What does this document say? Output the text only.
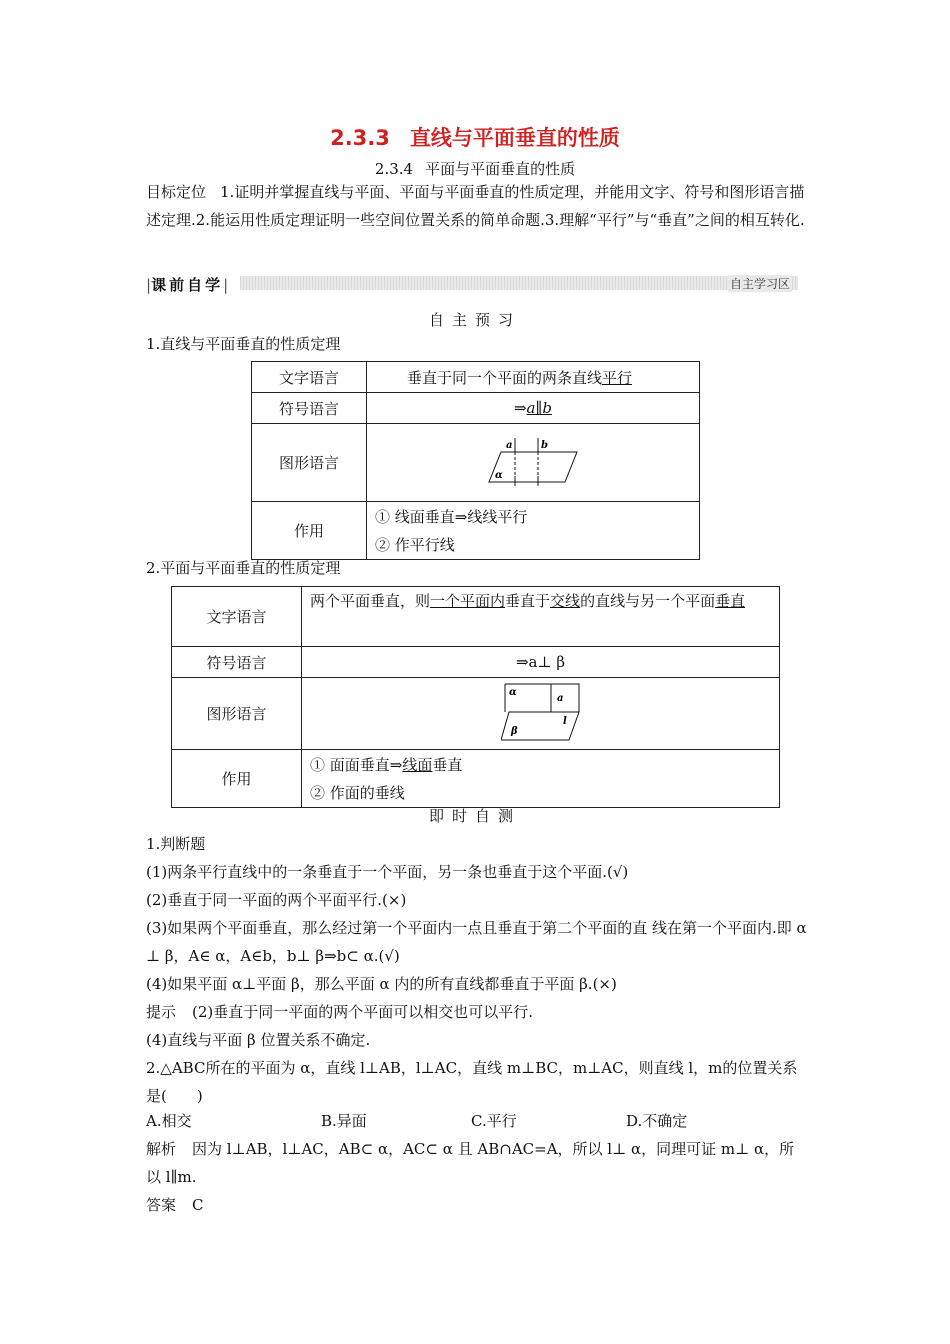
2.3.3 直线与平面垂直的性质
2.3.4 平面与平面垂直的性质
目标定位 1.证明并掌握直线与平面、平面与平面垂直的性质定理，并能用文字、符号和图形语言描述定理.2.能运用性质定理证明一些空间位置关系的简单命题.3.理解“平行”与“垂直”之间的相互转化.
|课前自学|	自主学习区
自主预习
1.直线与平面垂直的性质定理
文字语言	垂直于同一个平面的两条直线平行
符号语言	⇒a∥b
图形语言	a b
α

作用	① 线面垂直⇒线线平行
② 作平行线
2.平面与平面垂直的性质定理
文字语言	两个平面垂直，则一个平面内垂直于交线的直线与另一个平面垂直
符号语言	⇒a⊥ β
图形语言	α
a
l
β

作用	① 面面垂直⇒线面垂直
② 作面的垂线
即时自测
1.判断题
(1)两条平行直线中的一条垂直于一个平面，另一条也垂直于这个平面.(√)
(2)垂直于同一平面的两个平面平行.(×)
(3)如果两个平面垂直，那么经过第一个平面内一点且垂直于第二个平面的直 线在第一个平面内.即 α ⊥ β，A∈ α，A∈b，b⊥ β⇒b⊂ α.(√)
(4)如果平面 α⊥平面 β，那么平面 α 内的所有直线都垂直于平面 β.(×)
提示 (2)垂直于同一平面的两个平面可以相交也可以平行.
(4)直线与平面 β 位置关系不确定.
2.△ABC所在的平面为 α，直线 l⊥AB，l⊥AC，直线 m⊥BC，m⊥AC，则直线 l，m的位置关系是(　　)
A.相交	B.异面	C.平行	D.不确定
解析 因为 l⊥AB，l⊥AC，AB⊂ α，AC⊂ α 且 AB∩AC=A，所以 l⊥ α，同理可证 m⊥ α，所以 l∥m.
答案 C
